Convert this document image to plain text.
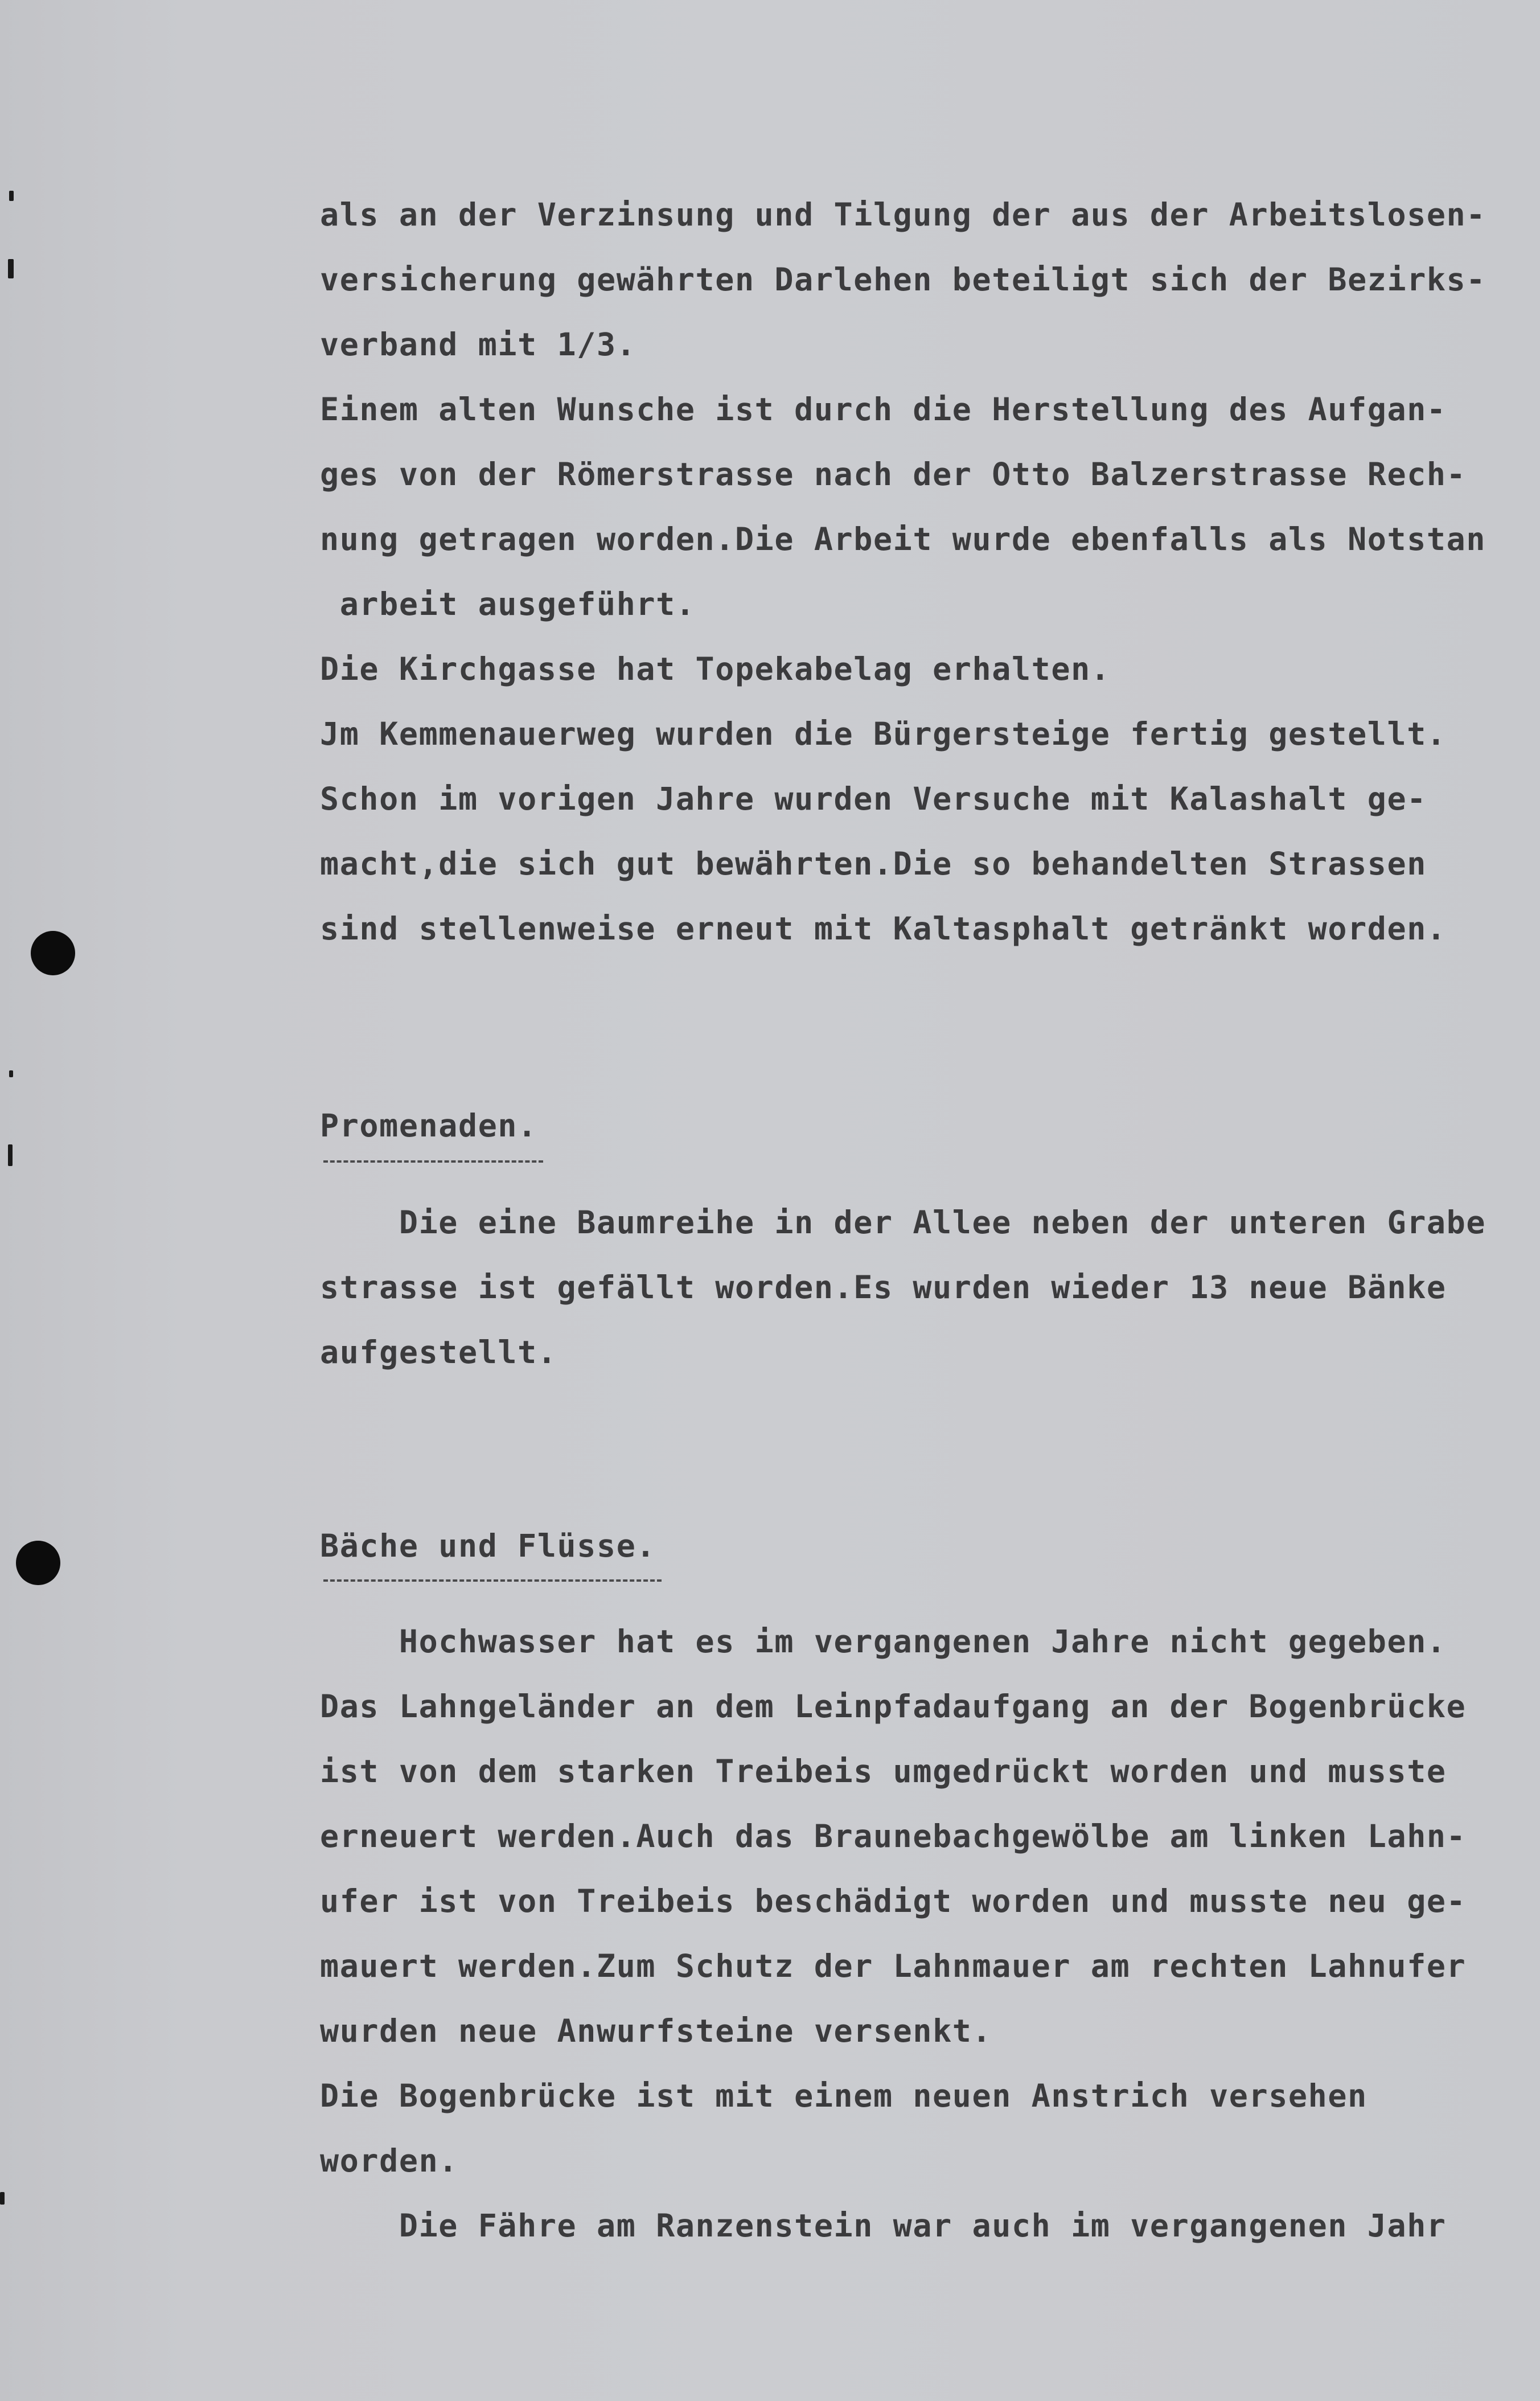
als an der Verzinsung und Tilgung der aus der Arbeitslosen-
versicherung gewährten Darlehen beteiligt sich der Bezirks-
verband mit 1/3.
Einem alten Wunsche ist durch die Herstellung des Aufgan-
ges von der Römerstrasse nach der Otto Balzerstrasse Rech-
nung getragen worden.Die Arbeit wurde ebenfalls als Notstan
arbeit ausgeführt.
Die Kirchgasse hat Topekabelag erhalten.
Jm Kemmenauerweg wurden die Bürgersteige fertig gestellt.
Schon im vorigen Jahre wurden Versuche mit Kalashalt ge-
macht,die sich gut bewährten.Die so behandelten Strassen
sind stellenweise erneut mit Kaltasphalt getränkt worden.
Promenaden.
Die eine Baumreihe in der Allee neben der unteren Grabe
strasse ist gefällt worden.Es wurden wieder 13 neue Bänke
aufgestellt.
Bäche und Flüsse.
Hochwasser hat es im vergangenen Jahre nicht gegeben.
Das Lahngeländer an dem Leinpfadaufgang an der Bogenbrücke
ist von dem starken Treibeis umgedrückt worden und musste
erneuert werden.Auch das Braunebachgewölbe am linken Lahn-
ufer ist von Treibeis beschädigt worden und musste neu ge-
mauert werden.Zum Schutz der Lahnmauer am rechten Lahnufer
wurden neue Anwurfsteine versenkt.
Die Bogenbrücke ist mit einem neuen Anstrich versehen
worden.
Die Fähre am Ranzenstein war auch im vergangenen Jahr
